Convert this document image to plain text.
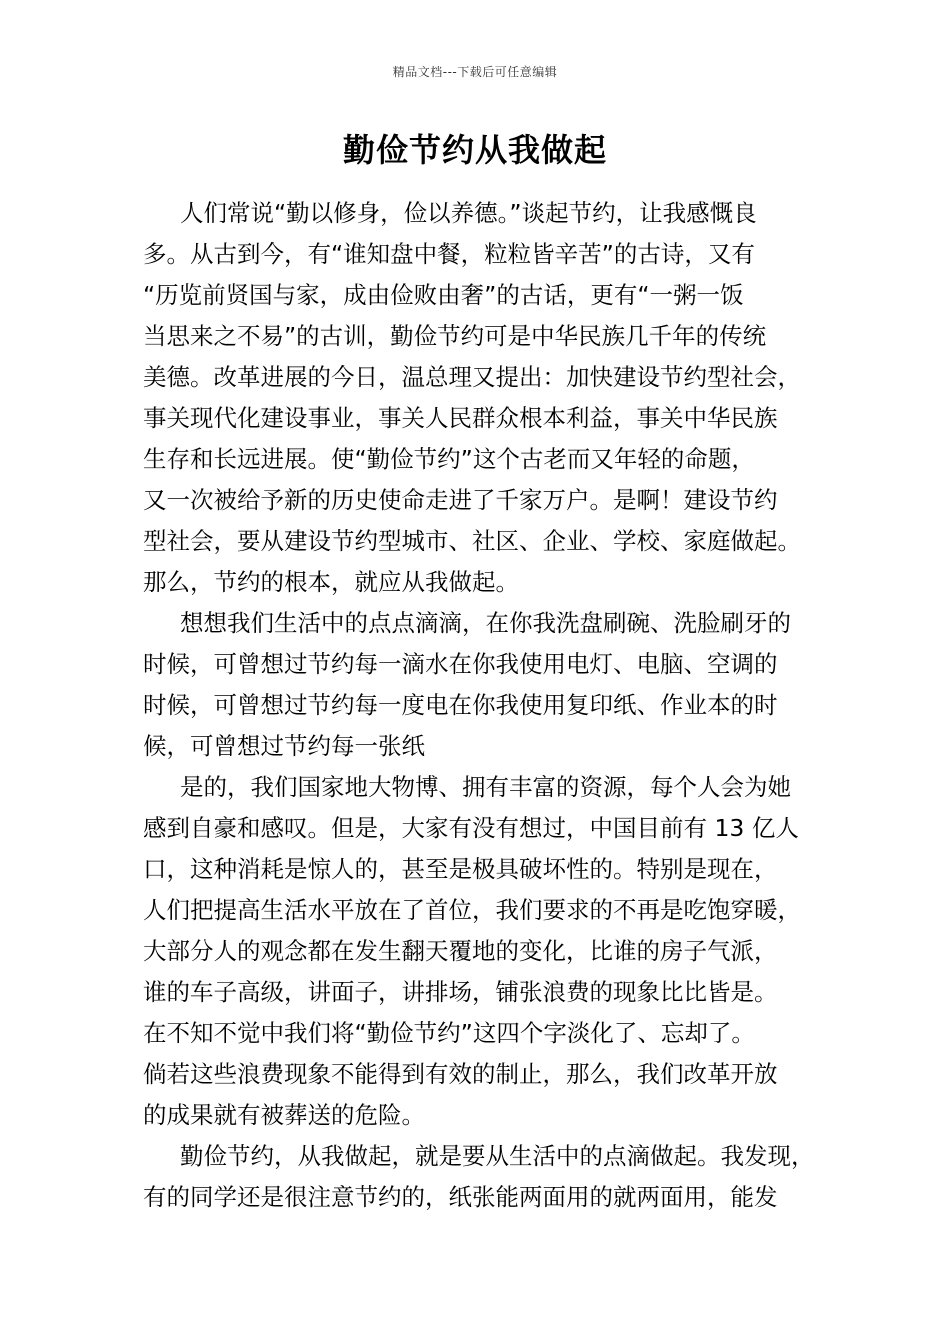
精品文档---下载后可任意编辑
勤俭节约从我做起
人们常说“勤以修身，俭以养德。”谈起节约，让我感慨良
多。从古到今，有“谁知盘中餐，粒粒皆辛苦”的古诗，又有
“历览前贤国与家，成由俭败由奢”的古话，更有“一粥一饭
当思来之不易”的古训，勤俭节约可是中华民族几千年的传统
美德。改革进展的今日，温总理又提出：加快建设节约型社会，
事关现代化建设事业，事关人民群众根本利益，事关中华民族
生存和长远进展。使“勤俭节约”这个古老而又年轻的命题，
又一次被给予新的历史使命走进了千家万户。是啊！建设节约
型社会，要从建设节约型城市、社区、企业、学校、家庭做起。
那么，节约的根本，就应从我做起。
想想我们生活中的点点滴滴，在你我洗盘刷碗、洗脸刷牙的
时候，可曾想过节约每一滴水在你我使用电灯、电脑、空调的
时候，可曾想过节约每一度电在你我使用复印纸、作业本的时
候，可曾想过节约每一张纸
是的，我们国家地大物博、拥有丰富的资源，每个人会为她
感到自豪和感叹。但是，大家有没有想过，中国目前有 13 亿人
口，这种消耗是惊人的，甚至是极具破坏性的。特别是现在，
人们把提高生活水平放在了首位，我们要求的不再是吃饱穿暖，
大部分人的观念都在发生翻天覆地的变化，比谁的房子气派，
谁的车子高级，讲面子，讲排场，铺张浪费的现象比比皆是。
在不知不觉中我们将“勤俭节约”这四个字淡化了、忘却了。
倘若这些浪费现象不能得到有效的制止，那么，我们改革开放
的成果就有被葬送的危险。
勤俭节约，从我做起，就是要从生活中的点滴做起。我发现，
有的同学还是很注意节约的，纸张能两面用的就两面用，能发
